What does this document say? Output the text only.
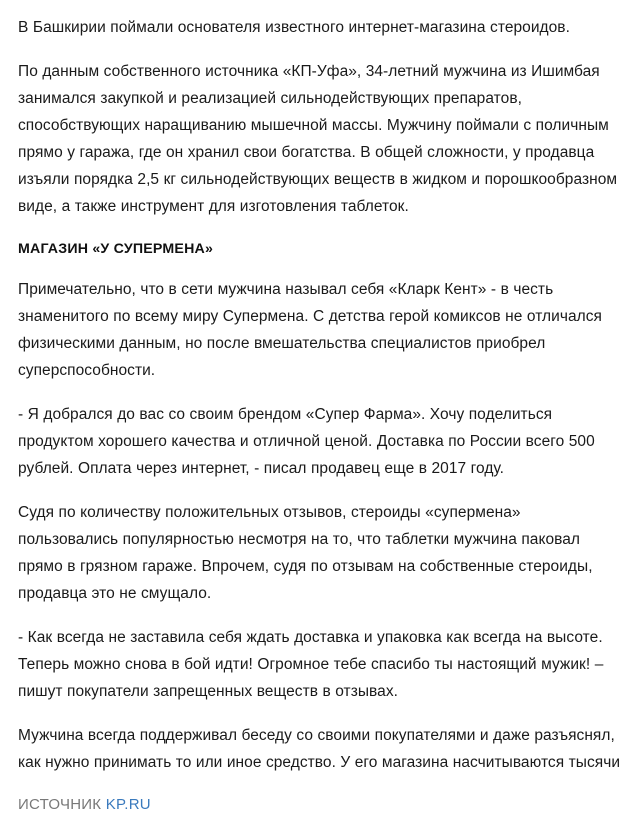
В Башкирии поймали основателя известного интернет-магазина стероидов.

По данным собственного источника «КП-Уфа», 34-летний мужчина из Ишимбая занимался закупкой и реализацией сильнодействующих препаратов, способствующих наращиванию мышечной массы. Мужчину поймали с поличным прямо у гаража, где он хранил свои богатства. В общей сложности, у продавца изъяли порядка 2,5 кг сильнодействующих веществ в жидком и порошкообразном виде, а также инструмент для изготовления таблеток.

МАГАЗИН «У СУПЕРМЕНА»

Примечательно, что в сети мужчина называл себя «Кларк Кент» - в честь знаменитого по всему миру Супермена. С детства герой комиксов не отличался физическими данным, но после вмешательства специалистов приобрел суперспособности.

- Я добрался до вас со своим брендом «Супер Фарма». Хочу поделиться продуктом хорошего качества и отличной ценой. Доставка по России всего 500 рублей. Оплата через интернет, - писал продавец еще в 2017 году.

Судя по количеству положительных отзывов, стероиды «супермена» пользовались популярностью несмотря на то, что таблетки мужчина паковал прямо в грязном гараже. Впрочем, судя по отзывам на собственные стероиды, продавца это не смущало.

- Как всегда не заставила себя ждать доставка и упаковка как всегда на высоте. Теперь можно снова в бой идти! Огромное тебе спасибо ты настоящий мужик! – пишут покупатели запрещенных веществ в отзывах.

Мужчина всегда поддерживал беседу со своими покупателями и даже разъяснял, как нужно принимать то или иное средство. У его магазина насчитываются тысячи

ИСТОЧНИК KP.RU
